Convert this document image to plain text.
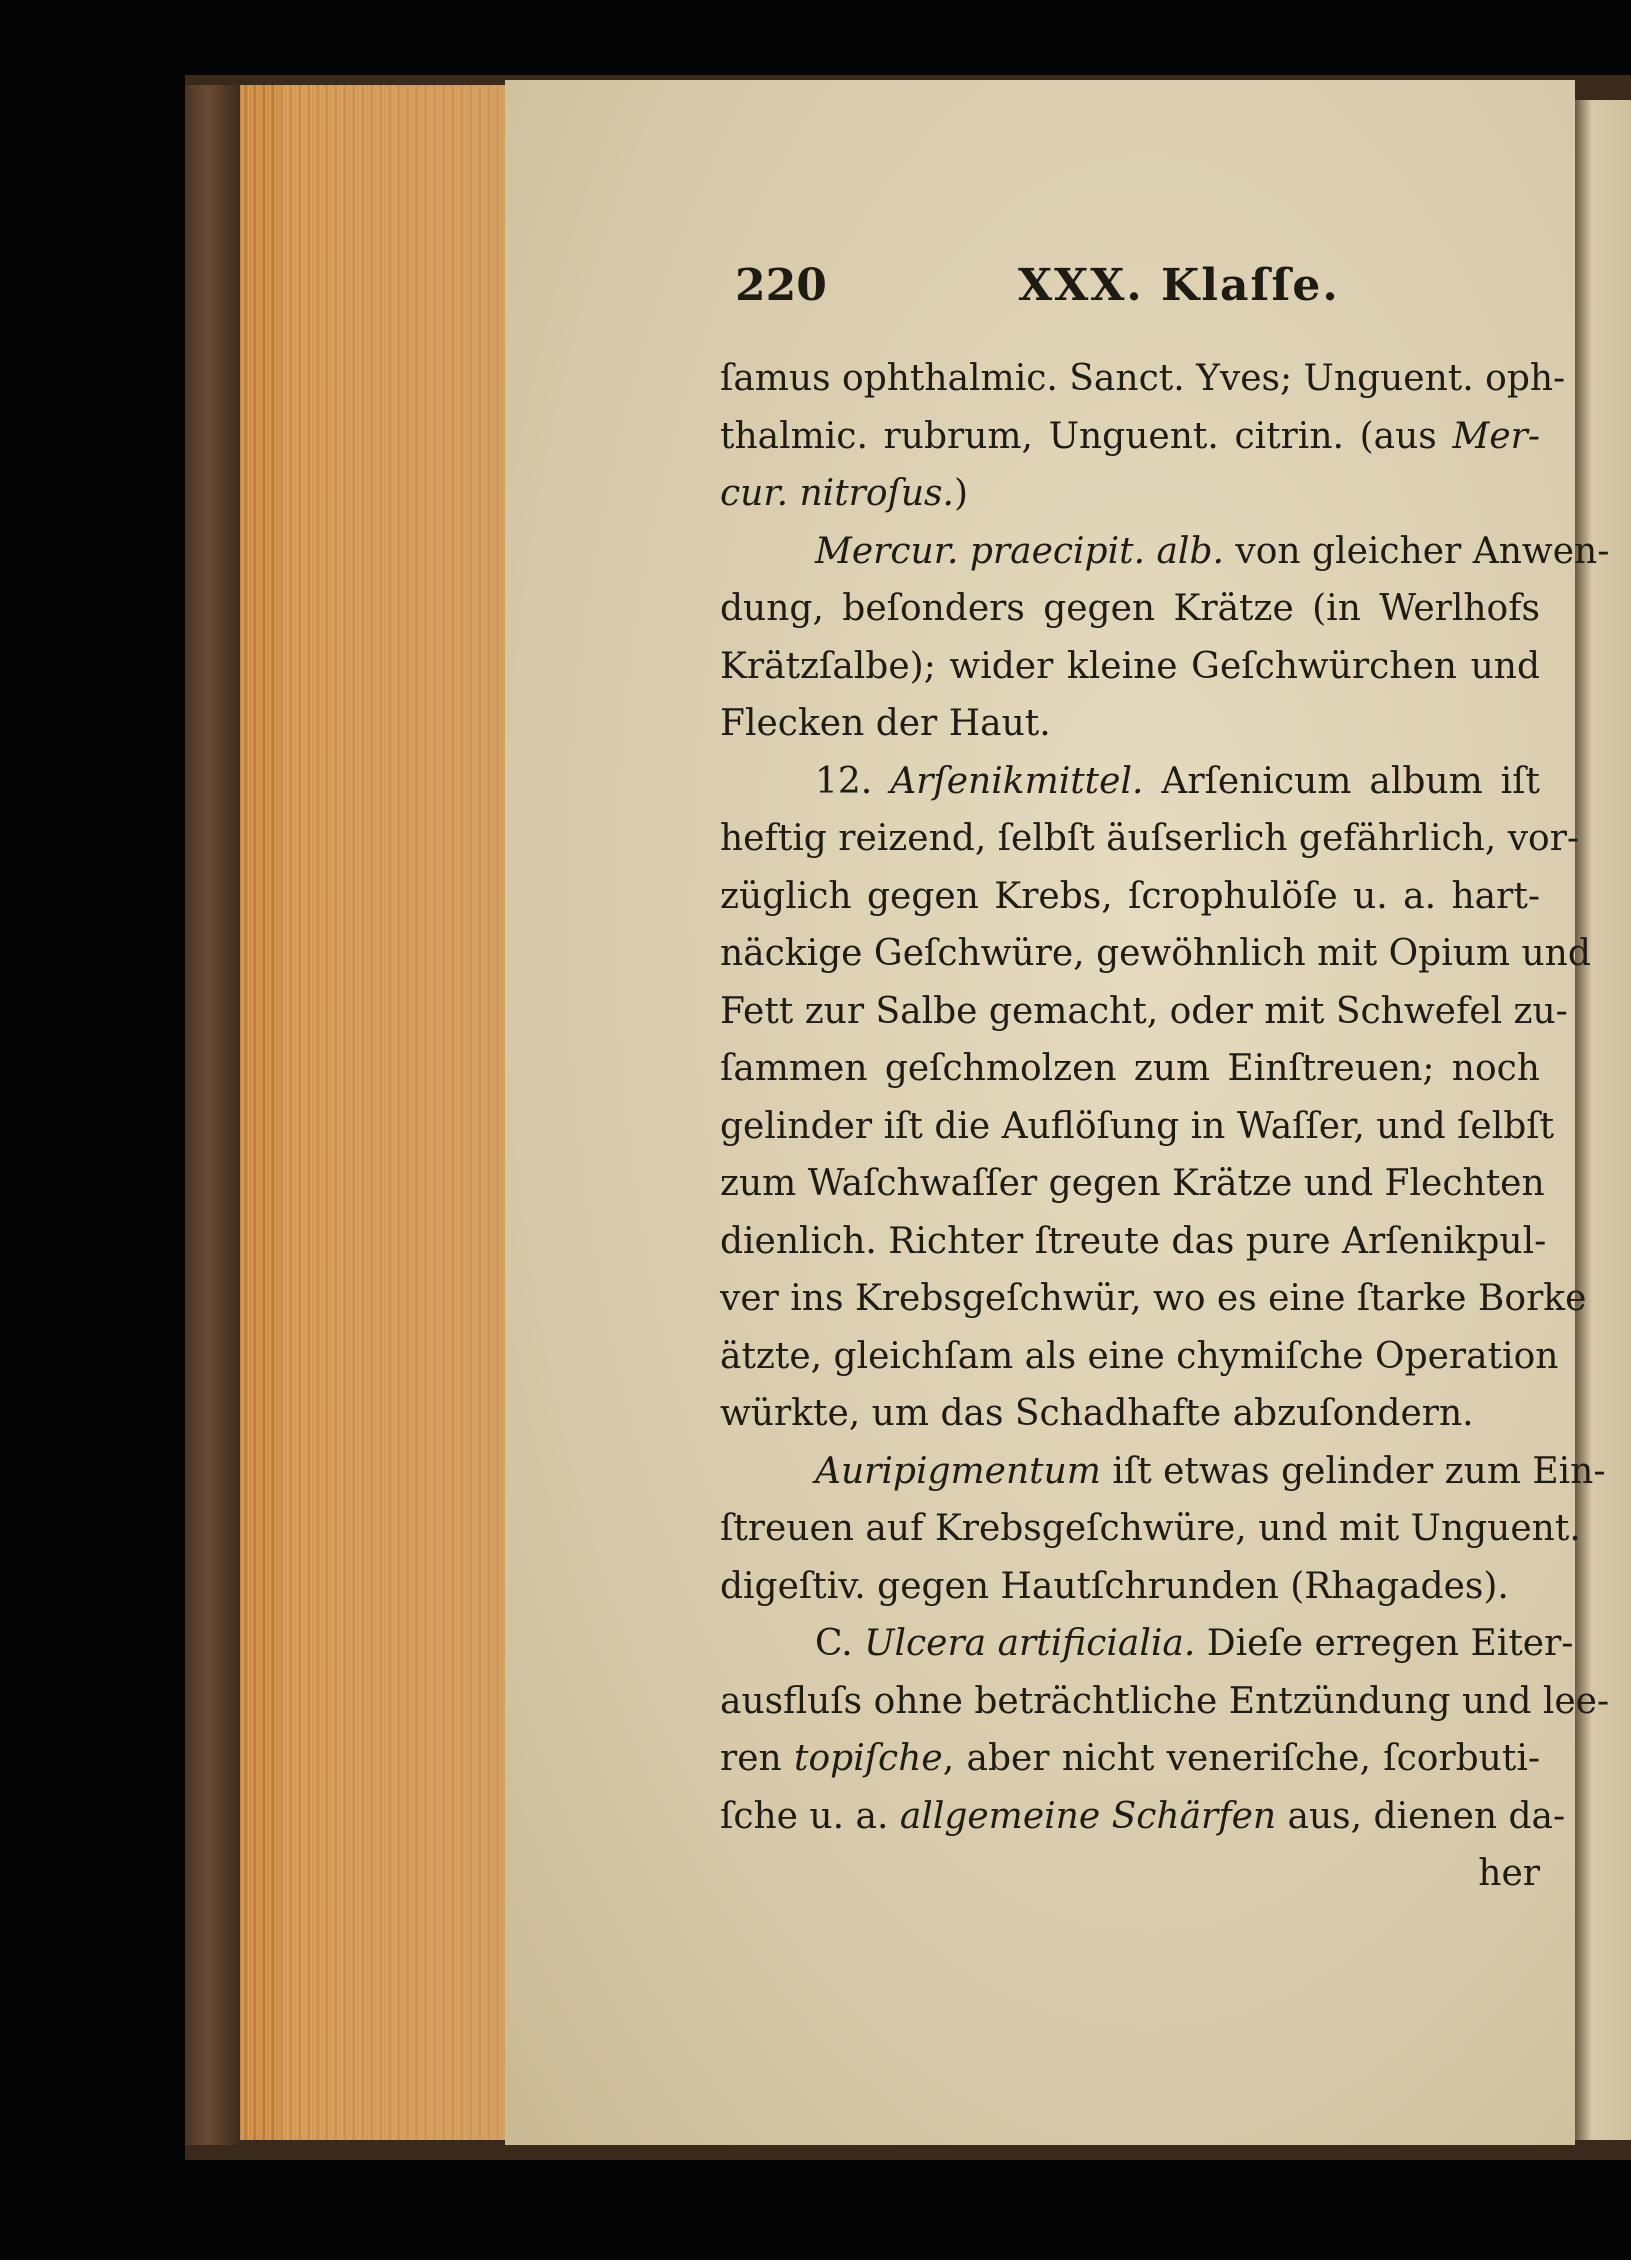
220	XXX. Klaſſe.
ſamus ophthalmic. Sanct. Yves; Unguent. oph-
thalmic. rubrum, Unguent. citrin. (aus Mer-
cur. nitroſus.)
Mercur. praecipit. alb. von gleicher Anwen-
dung, beſonders gegen Krätze (in Werlhofs
Krätzſalbe); wider kleine Geſchwürchen und
Flecken der Haut.
12. Arſenikmittel. Arſenicum album iſt
heftig reizend, ſelbſt äuſserlich gefährlich, vor-
züglich gegen Krebs, ſcrophulöſe u. a. hart-
näckige Geſchwüre, gewöhnlich mit Opium und
Fett zur Salbe gemacht, oder mit Schwefel zu-
ſammen geſchmolzen zum Einſtreuen; noch
gelinder iſt die Auflöſung in Waſſer, und ſelbſt
zum Waſchwaſſer gegen Krätze und Flechten
dienlich. Richter ſtreute das pure Arſenikpul-
ver ins Krebsgeſchwür, wo es eine ſtarke Borke
ätzte, gleichſam als eine chymiſche Operation
würkte, um das Schadhafte abzuſondern.
Auripigmentum iſt etwas gelinder zum Ein-
ſtreuen auf Krebsgeſchwüre, und mit Unguent.
digeſtiv. gegen Hautſchrunden (Rhagades).
C. Ulcera artificialia. Dieſe erregen Eiter-
ausfluſs ohne beträchtliche Entzündung und lee-
ren topiſche, aber nicht veneriſche, ſcorbuti-
ſche u. a. allgemeine Schärfen aus, dienen da-
her
